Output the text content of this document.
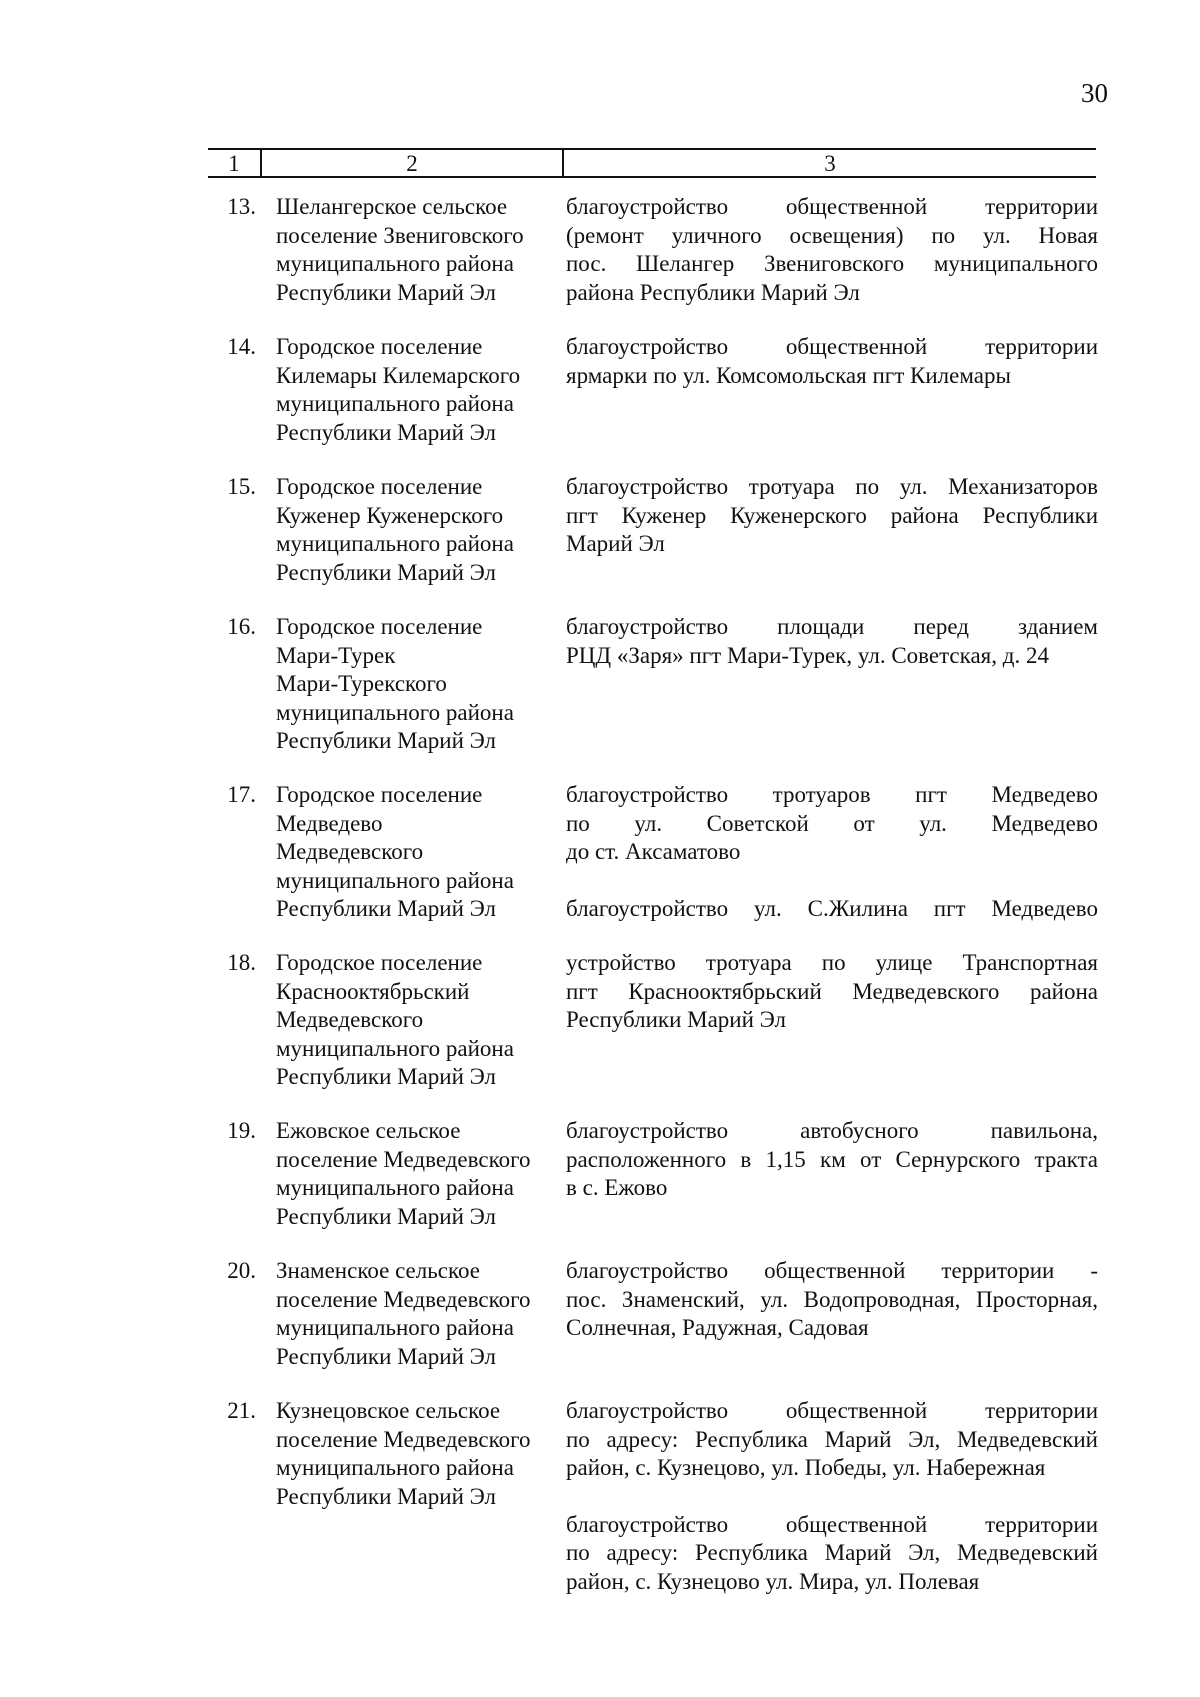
30
1	2	3
13. Шелангерское сельское
поселение Звениговского
муниципального района
Республики Марий Эл
благоустройство общественной территории
(ремонт уличного освещения) по ул. Новая
пос. Шелангер Звениговского муниципального
района Республики Марий Эл
14. Городское поселение
Килемары Килемарского
муниципального района
Республики Марий Эл
благоустройство общественной территории
ярмарки по ул. Комсомольская пгт Килемары
15. Городское поселение
Куженер Куженерского
муниципального района
Республики Марий Эл
благоустройство тротуара по ул. Механизаторов
пгт Куженер Куженерского района Республики
Марий Эл
16. Городское поселение
Мари-Турек
Мари-Турекского
муниципального района
Республики Марий Эл
благоустройство площади перед зданием
РЦД «Заря» пгт Мари-Турек, ул. Советская, д. 24
17. Городское поселение
Медведево
Медведевского
муниципального района
Республики Марий Эл
благоустройство тротуаров пгт Медведево
по ул. Советской от ул. Медведево
до ст. Аксаматово
благоустройство ул. С.Жилина пгт Медведево
18. Городское поселение
Краснооктябрьский
Медведевского
муниципального района
Республики Марий Эл
устройство тротуара по улице Транспортная
пгт Краснооктябрьский Медведевского района
Республики Марий Эл
19. Ежовское сельское
поселение Медведевского
муниципального района
Республики Марий Эл
благоустройство автобусного павильона,
расположенного в 1,15 км от Сернурского тракта
в с. Ежово
20. Знаменское сельское
поселение Медведевского
муниципального района
Республики Марий Эл
благоустройство общественной территории -
пос. Знаменский, ул. Водопроводная, Просторная,
Солнечная, Радужная, Садовая
21. Кузнецовское сельское
поселение Медведевского
муниципального района
Республики Марий Эл
благоустройство общественной территории
по адресу: Республика Марий Эл, Медведевский
район, с. Кузнецово, ул. Победы, ул. Набережная
благоустройство общественной территории
по адресу: Республика Марий Эл, Медведевский
район, с. Кузнецово ул. Мира, ул. Полевая
